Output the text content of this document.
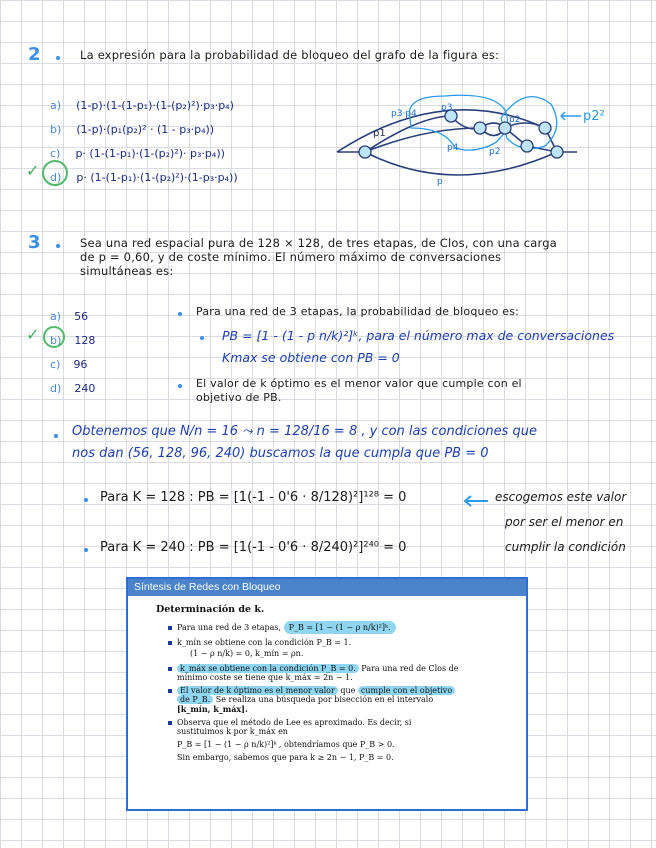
2	La expresión para la probabilidad de bloqueo del grafo de la figura es:
a) (1-p)·(1-(1-p₁)·(1-(p₂)²)·p₃·p₄)
b) (1-p)·(p₁(p₂)² · (1 - p₃·p₄))
c) p· (1-(1-p₁)·(1-(p₂)²)· p₃·p₄))
✓ d) p· (1-(1-p₁)·(1-(p₂)²)·(1-p₃·p₄))
p3·p4
p3
p2
p4	p2
p
p1
p2²
3	Sea una red espacial pura de 128 × 128, de tres etapas, de Clos, con una carga
de p = 0,60, y de coste mínimo. El número máximo de conversaciones
simultáneas es:
a) 56
✓ b) 128
c) 96
d) 240
Para una red de 3 etapas, la probabilidad de bloqueo es:
PB = [1 - (1 - p n/k)²]ᵏ, para el número max de conversaciones
Kmax se obtiene con PB = 0
El valor de k óptimo es el menor valor que cumple con el
objetivo de PB.
Obtenemos que N/n = 16 ⤳ n = 128/16 = 8 , y con las condiciones que
nos dan (56, 128, 96, 240) buscamos la que cumpla que PB = 0
Para K = 128 : PB = [1(-1 - 0'6 · 8/128)²]¹²⁸ = 0
Para K = 240 : PB = [1(-1 - 0'6 · 8/240)²]²⁴⁰ = 0
escogemos este valor
por ser el menor en
cumplir la condición
Síntesis de Redes con Bloqueo
Determinación de k.
Para una red de 3 etapas, P_B = [1 − (1 − ρ n/k)²]ᵏ.
k_mín se obtiene con la condición P_B = 1.
(1 − ρ n/k) = 0, k_mín = ρn.
k_máx se obtiene con la condición P_B = 0. Para una red de Clos de
mínimo coste se tiene que k_máx = 2n − 1.
El valor de k óptimo es el menor valor que cumple con el objetivo
de P_B. Se realiza una búsqueda por bisección en el intervalo
[k_mín, k_máx].
Observa que el método de Lee es aproximado. Es decir, si
sustituimos k por k_máx en
P_B = [1 − (1 − ρ n/k)²]ᵏ , obtendríamos que P_B > 0.
Sin embargo, sabemos que para k ≥ 2n − 1, P_B = 0.
